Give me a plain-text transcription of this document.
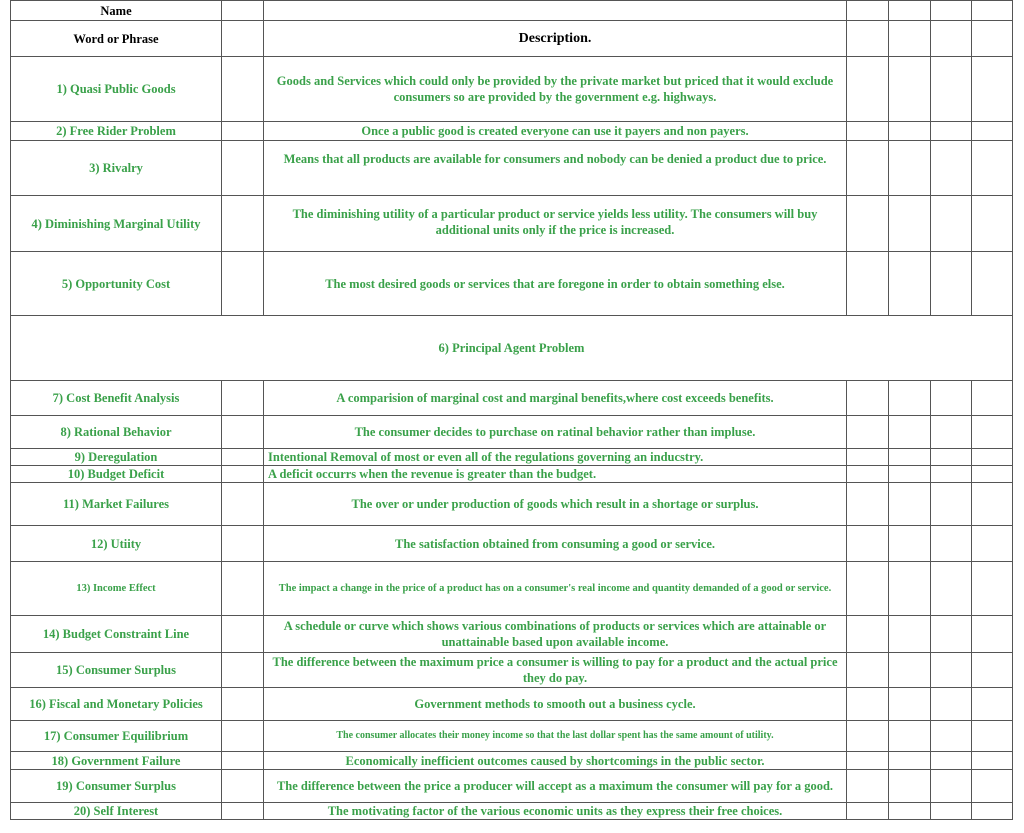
Name						
Word or Phrase		Description.				
1) Quasi Public Goods		Goods and Services which could only be provided by the private market but priced that it would exclude consumers so are provided by the government e.g. highways.				
2) Free Rider Problem		Once a public good is created everyone can use it payers and non payers.				
3) Rivalry		Means that all products are available for consumers and nobody can be denied a product due to price.				
4) Diminishing Marginal Utility		The diminishing utility of a particular product or service yields less utility. The consumers will buy additional units only if the price is increased.				
5) Opportunity Cost		The most desired goods or services that are foregone in order to obtain something else.				
6) Principal Agent Problem						
7) Cost Benefit Analysis		A comparision of marginal cost and marginal benefits,where cost exceeds benefits.				
8) Rational Behavior		The consumer decides to purchase on ratinal behavior rather than impluse.				
9) Deregulation		Intentional Removal of most or even all of the regulations governing an inducstry.				
10) Budget Deficit		A deficit occurrs when the revenue is greater than the budget.				
11) Market Failures		The over or under production of goods which result in a shortage or surplus.				
12) Utiity		The satisfaction obtained from consuming a good or service.				
13) Income Effect		The impact a change in the price of a product has on a consumer's real income and quantity demanded of a good or service.				
14) Budget Constraint Line		A schedule or curve which shows various combinations of products or services which are attainable or unattainable based upon available income.				
15) Consumer Surplus		The difference between the maximum price a consumer is willing to pay for a product and the actual price they do pay.				
16) Fiscal and Monetary Policies		Government methods to smooth out a business cycle.				
17) Consumer Equilibrium		The consumer allocates their money income so that the last dollar spent has the same amount of utility.				
18) Government Failure		Economically inefficient outcomes caused by shortcomings in the public sector.				
19) Consumer Surplus		The difference between the price a producer will accept as a maximum the consumer will pay for a good.				
20) Self Interest		The motivating factor of the various economic units as they express their free choices.				
